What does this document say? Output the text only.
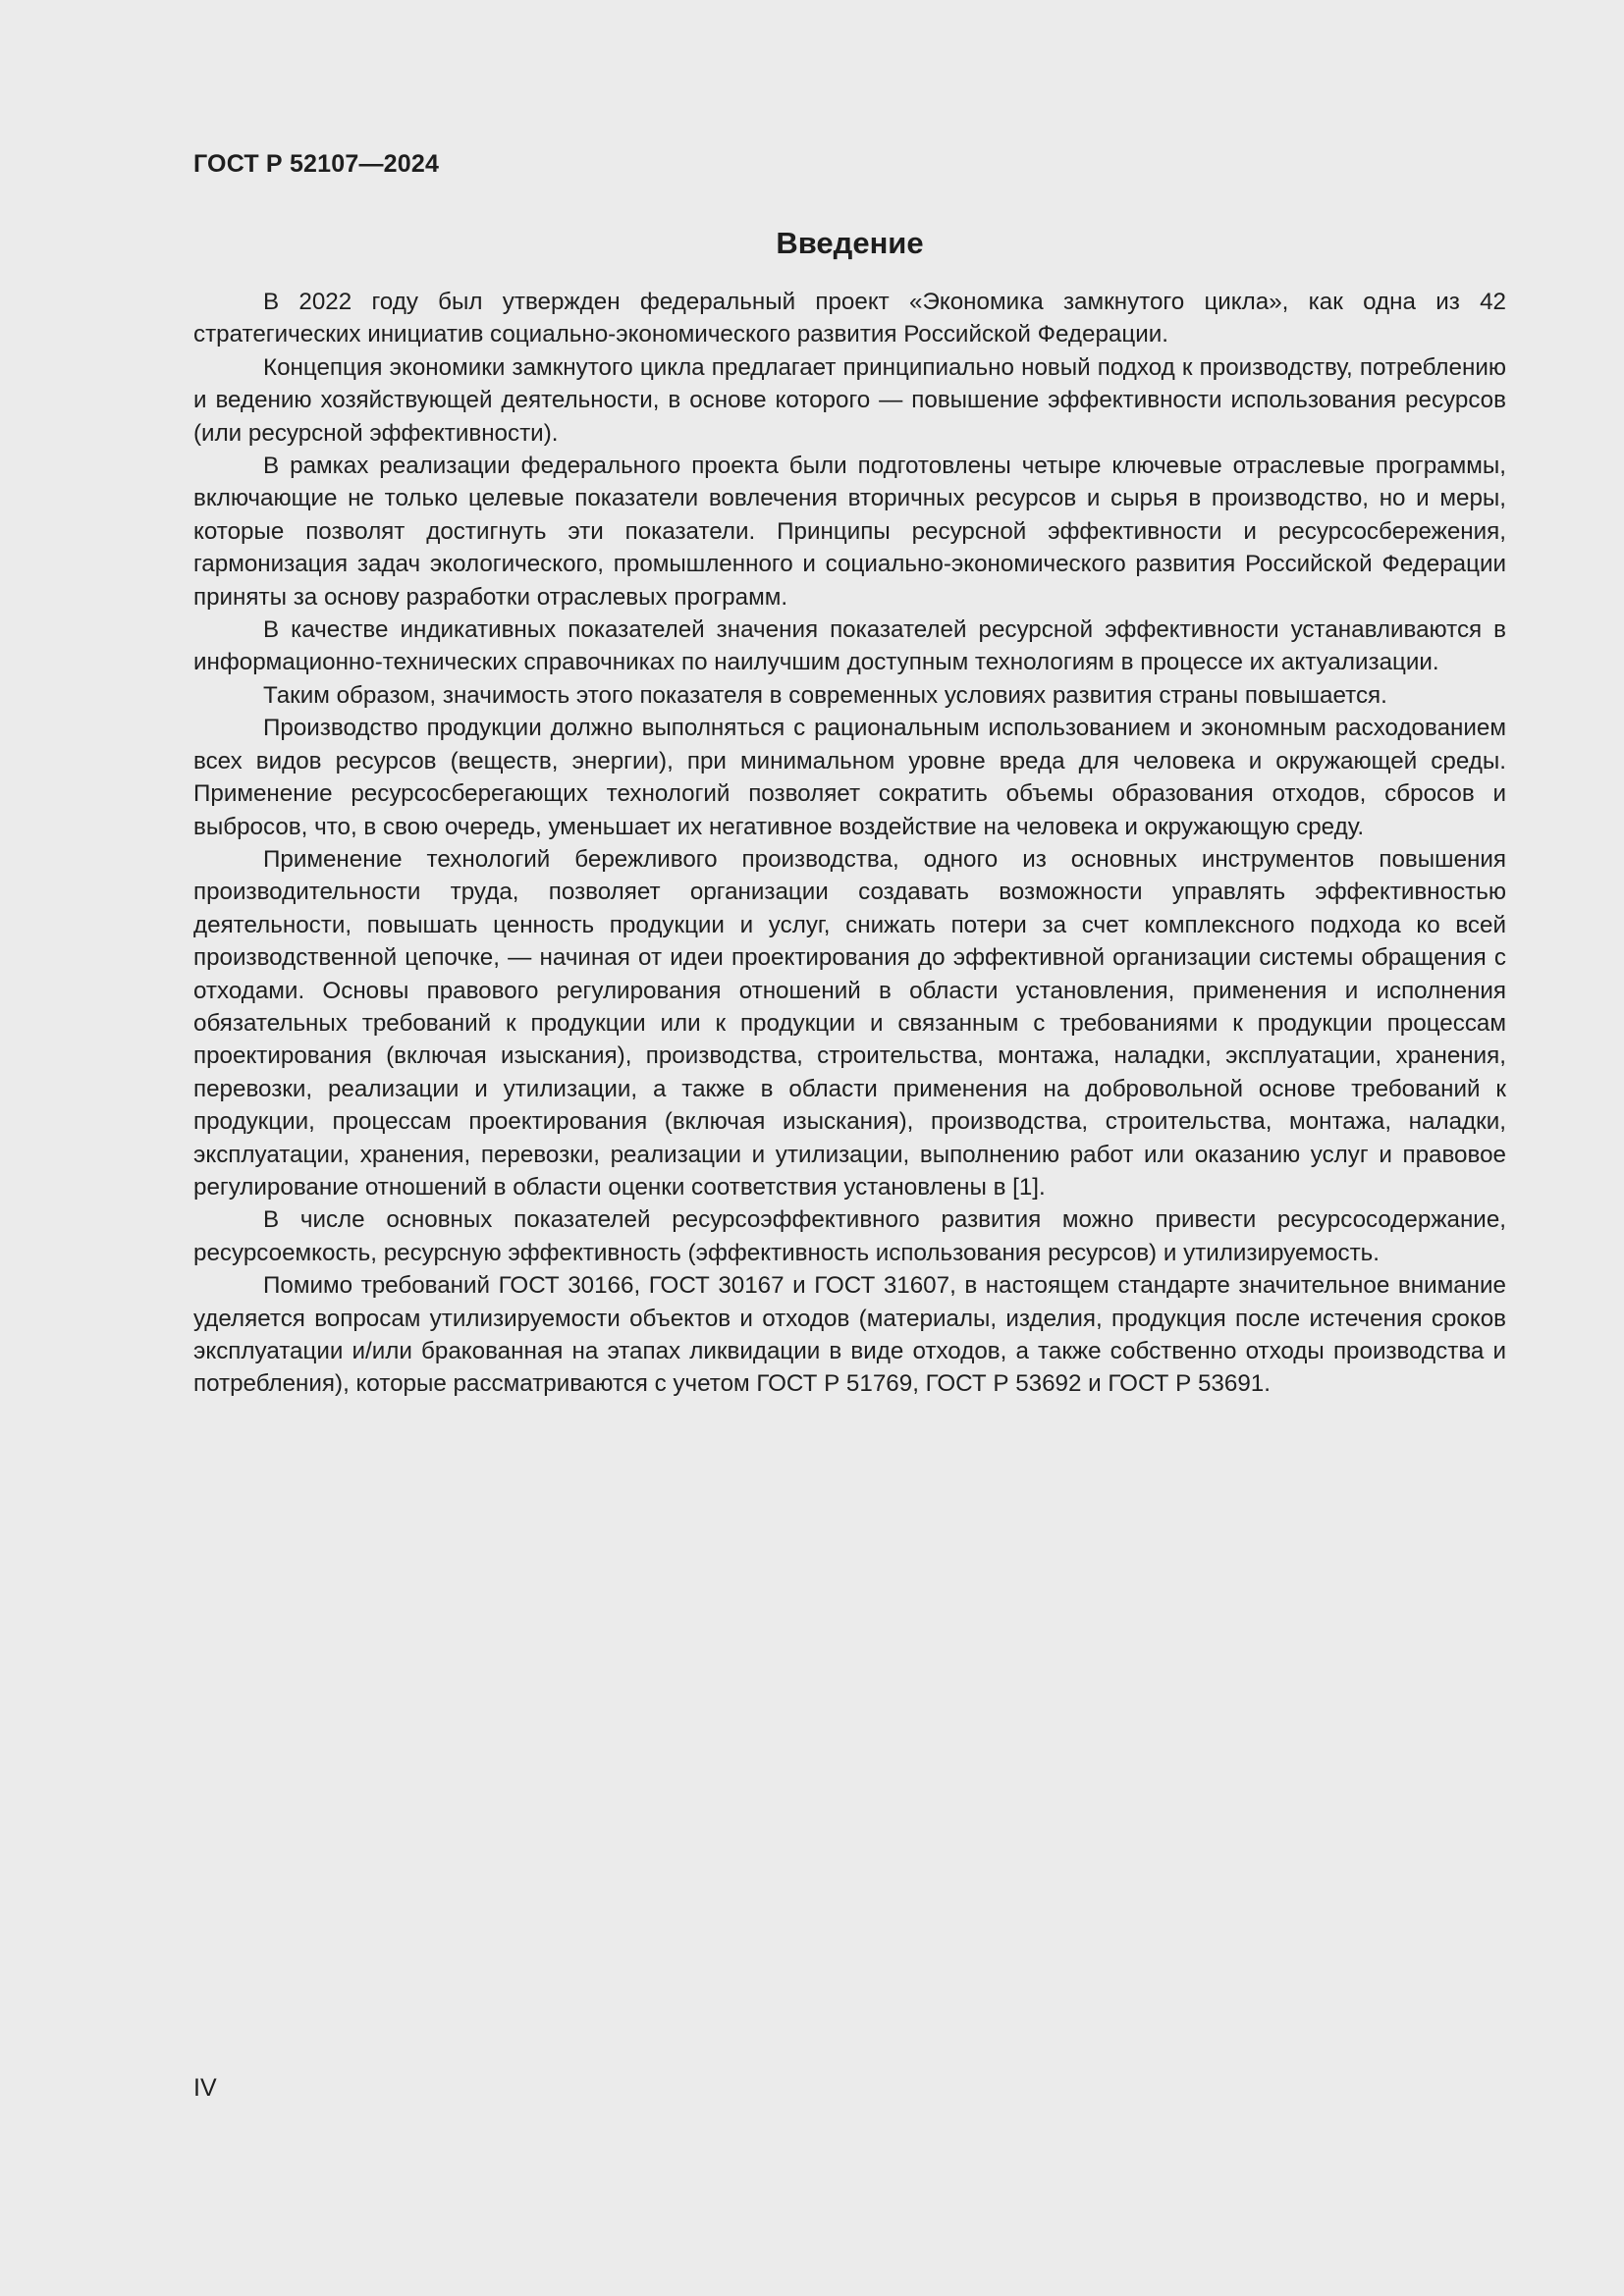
ГОСТ Р 52107—2024
Введение

В 2022 году был утвержден федеральный проект «Экономика замкнутого цикла», как одна из 42 стратегических инициатив социально-экономического развития Российской Федерации.

Концепция экономики замкнутого цикла предлагает принципиально новый подход к производству, потреблению и ведению хозяйствующей деятельности, в основе которого — повышение эффективности использования ресурсов (или ресурсной эффективности).

В рамках реализации федерального проекта были подготовлены четыре ключевые отраслевые программы, включающие не только целевые показатели вовлечения вторичных ресурсов и сырья в производство, но и меры, которые позволят достигнуть эти показатели. Принципы ресурсной эффективности и ресурсосбережения, гармонизация задач экологического, промышленного и социально-экономического развития Российской Федерации приняты за основу разработки отраслевых программ.

В качестве индикативных показателей значения показателей ресурсной эффективности устанавливаются в информационно-технических справочниках по наилучшим доступным технологиям в процессе их актуализации.

Таким образом, значимость этого показателя в современных условиях развития страны повышается.

Производство продукции должно выполняться с рациональным использованием и экономным расходованием всех видов ресурсов (веществ, энергии), при минимальном уровне вреда для человека и окружающей среды. Применение ресурсосберегающих технологий позволяет сократить объемы образования отходов, сбросов и выбросов, что, в свою очередь, уменьшает их негативное воздействие на человека и окружающую среду.

Применение технологий бережливого производства, одного из основных инструментов повышения производительности труда, позволяет организации создавать возможности управлять эффективностью деятельности, повышать ценность продукции и услуг, снижать потери за счет комплексного подхода ко всей производственной цепочке, — начиная от идеи проектирования до эффективной организации системы обращения с отходами. Основы правового регулирования отношений в области установления, применения и исполнения обязательных требований к продукции или к продукции и связанным с требованиями к продукции процессам проектирования (включая изыскания), производства, строительства, монтажа, наладки, эксплуатации, хранения, перевозки, реализации и утилизации, а также в области применения на добровольной основе требований к продукции, процессам проектирования (включая изыскания), производства, строительства, монтажа, наладки, эксплуатации, хранения, перевозки, реализации и утилизации, выполнению работ или оказанию услуг и правовое регулирование отношений в области оценки соответствия установлены в [1].

В числе основных показателей ресурсоэффективного развития можно привести ресурсосодержание, ресурсоемкость, ресурсную эффективность (эффективность использования ресурсов) и утилизируемость.

Помимо требований ГОСТ 30166, ГОСТ 30167 и ГОСТ 31607, в настоящем стандарте значительное внимание уделяется вопросам утилизируемости объектов и отходов (материалы, изделия, продукция после истечения сроков эксплуатации и/или бракованная на этапах ликвидации в виде отходов, а также собственно отходы производства и потребления), которые рассматриваются с учетом ГОСТ Р 51769, ГОСТ Р 53692 и ГОСТ Р 53691.

IV
